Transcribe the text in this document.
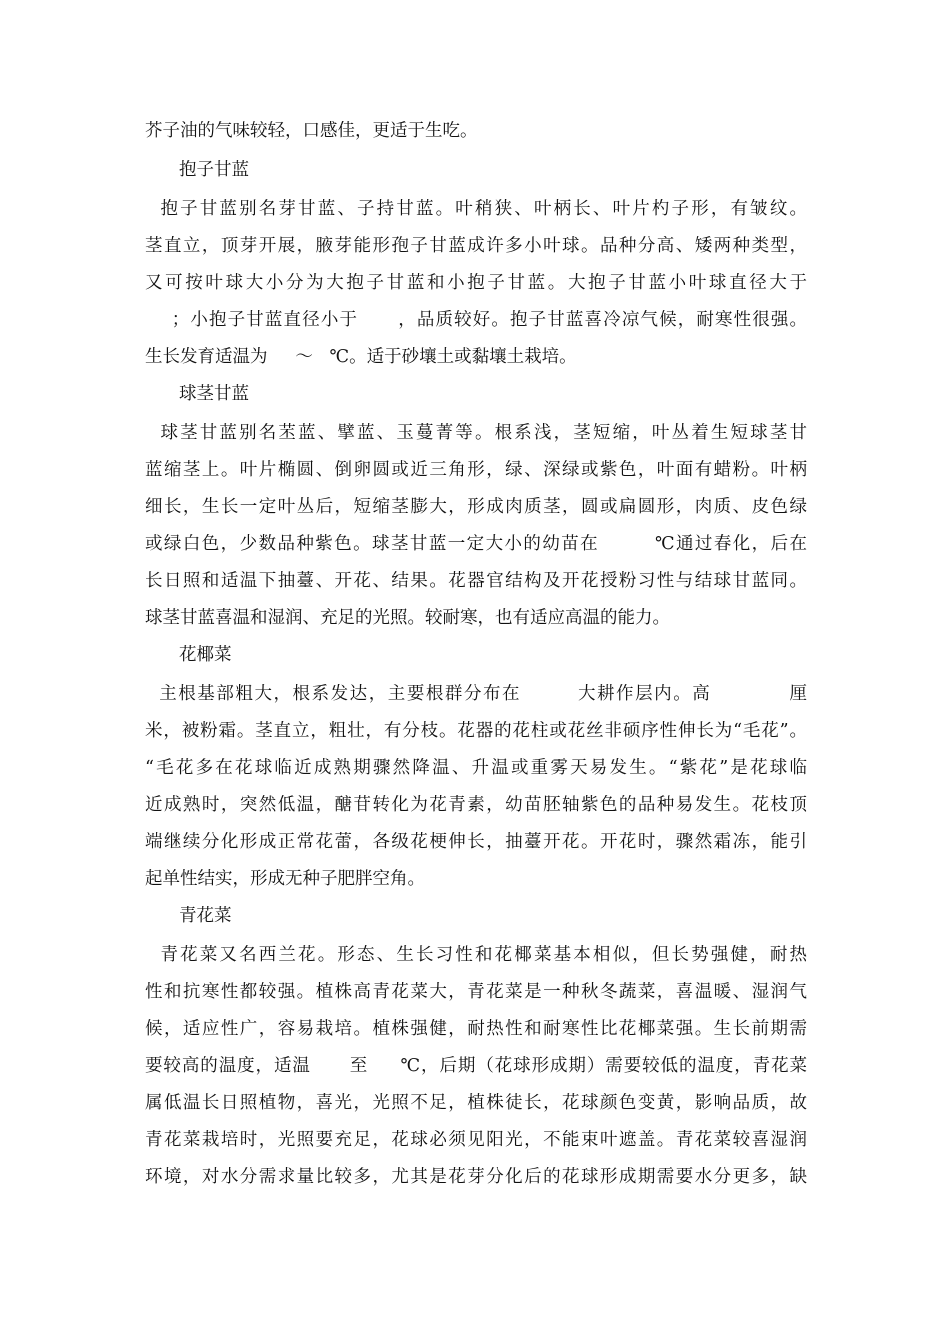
芥子油的气味较轻，口感佳，更适于生吃。
抱子甘蓝
抱子甘蓝别名芽甘蓝、子持甘蓝。叶稍狭、叶柄长、叶片杓子形，有皱纹。
茎直立，顶芽开展，腋芽能形孢子甘蓝成许多小叶球。品种分高、矮两种类型，
又可按叶球大小分为大抱子甘蓝和小抱子甘蓝。大抱子甘蓝小叶球直径大于
；小抱子甘蓝直径小于      ，品质较好。抱子甘蓝喜冷凉气候，耐寒性很强。
生长发育适温为     ～   ℃。适于砂壤土或黏壤土栽培。
球茎甘蓝
球茎甘蓝别名苤蓝、擘蓝、玉蔓菁等。根系浅，茎短缩，叶丛着生短球茎甘
蓝缩茎上。叶片椭圆、倒卵圆或近三角形，绿、深绿或紫色，叶面有蜡粉。叶柄
细长，生长一定叶丛后，短缩茎膨大，形成肉质茎，圆或扁圆形，肉质、皮色绿
或绿白色，少数品种紫色。球茎甘蓝一定大小的幼苗在        ℃通过春化，后在
长日照和适温下抽薹、开花、结果。花器官结构及开花授粉习性与结球甘蓝同。
球茎甘蓝喜温和湿润、充足的光照。较耐寒，也有适应高温的能力。
花椰菜
主根基部粗大，根系发达，主要根群分布在        大耕作层内。高           厘
米，被粉霜。茎直立，粗壮，有分枝。花器的花柱或花丝非硕序性伸长为“毛花”。
“毛花多在花球临近成熟期骤然降温、升温或重雾天易发生。“紫花”是花球临
近成熟时，突然低温，醣苷转化为花青素，幼苗胚轴紫色的品种易发生。花枝顶
端继续分化形成正常花蕾，各级花梗伸长，抽薹开花。开花时，骤然霜冻，能引
起单性结实，形成无种子肥胖空角。
青花菜
青花菜又名西兰花。形态、生长习性和花椰菜基本相似，但长势强健，耐热
性和抗寒性都较强。植株高青花菜大，青花菜是一种秋冬蔬菜，喜温暖、湿润气
候，适应性广，容易栽培。植株强健，耐热性和耐寒性比花椰菜强。生长前期需
要较高的温度，适温      至     ℃，后期（花球形成期）需要较低的温度，青花菜
属低温长日照植物，喜光，光照不足，植株徒长，花球颜色变黄，影响品质，故
青花菜栽培时，光照要充足，花球必须见阳光，不能束叶遮盖。青花菜较喜湿润
环境，对水分需求量比较多，尤其是花芽分化后的花球形成期需要水分更多，缺
